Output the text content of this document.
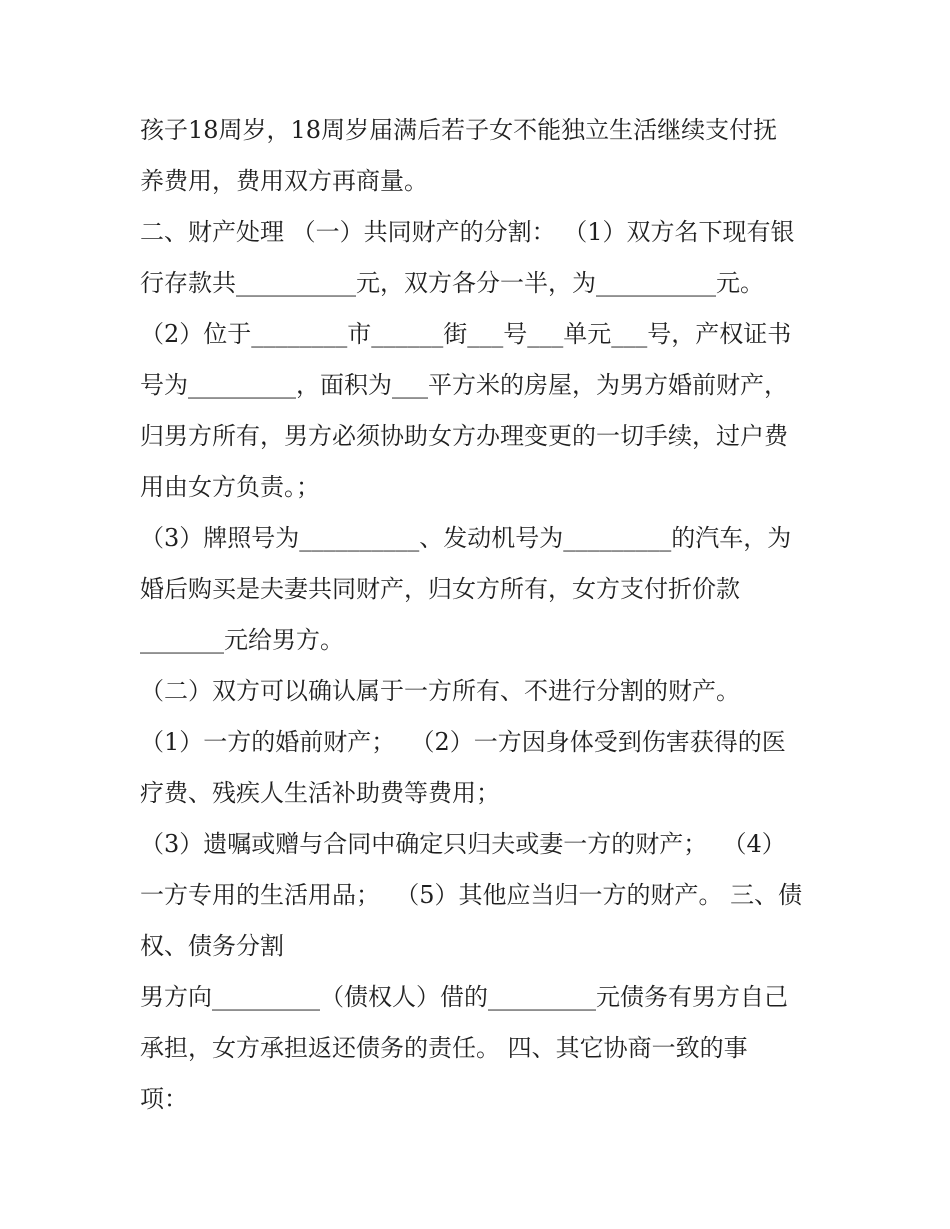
孩子18周岁，18周岁届满后若子女不能独立生活继续支付抚
养费用，费用双方再商量。
二、财产处理 （一）共同财产的分割： （1）双方名下现有银
行存款共__________元，双方各分一半，为__________元。
（2）位于________市______街___号___单元___号，产权证书
号为_________，面积为___平方米的房屋，为男方婚前财产，
归男方所有，男方必须协助女方办理变更的一切手续，过户费
用由女方负责。；
（3）牌照号为__________、发动机号为_________的汽车，为
婚后购买是夫妻共同财产，归女方所有，女方支付折价款
_______元给男方。
（二）双方可以确认属于一方所有、不进行分割的财产。
（1）一方的婚前财产；  （2）一方因身体受到伤害获得的医
疗费、残疾人生活补助费等费用；
（3）遗嘱或赠与合同中确定只归夫或妻一方的财产；  （4）
一方专用的生活用品；  （5）其他应当归一方的财产。 三、债
权、债务分割
男方向_________（债权人）借的_________元债务有男方自己
承担，女方承担返还债务的责任。 四、其它协商一致的事
项：
